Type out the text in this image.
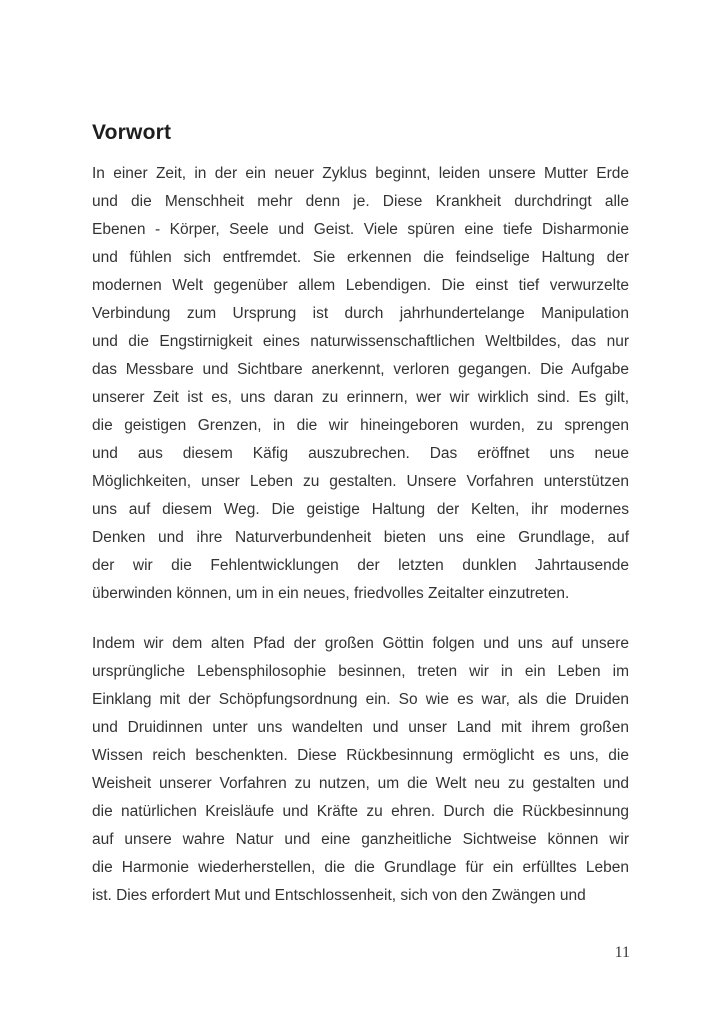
Vorwort
In einer Zeit, in der ein neuer Zyklus beginnt, leiden unsere Mutter Erde
und die Menschheit mehr denn je. Diese Krankheit durchdringt alle
Ebenen - Körper, Seele und Geist. Viele spüren eine tiefe Disharmonie
und fühlen sich entfremdet. Sie erkennen die feindselige Haltung der
modernen Welt gegenüber allem Lebendigen. Die einst tief verwurzelte
Verbindung zum Ursprung ist durch jahrhundertelange Manipulation
und die Engstirnigkeit eines naturwissenschaftlichen Weltbildes, das nur
das Messbare und Sichtbare anerkennt, verloren gegangen. Die Aufgabe
unserer Zeit ist es, uns daran zu erinnern, wer wir wirklich sind. Es gilt,
die geistigen Grenzen, in die wir hineingeboren wurden, zu sprengen
und aus diesem Käfig auszubrechen. Das eröffnet uns neue
Möglichkeiten, unser Leben zu gestalten. Unsere Vorfahren unterstützen
uns auf diesem Weg. Die geistige Haltung der Kelten, ihr modernes
Denken und ihre Naturverbundenheit bieten uns eine Grundlage, auf
der wir die Fehlentwicklungen der letzten dunklen Jahrtausende
überwinden können, um in ein neues, friedvolles Zeitalter einzutreten.
Indem wir dem alten Pfad der großen Göttin folgen und uns auf unsere
ursprüngliche Lebensphilosophie besinnen, treten wir in ein Leben im
Einklang mit der Schöpfungsordnung ein. So wie es war, als die Druiden
und Druidinnen unter uns wandelten und unser Land mit ihrem großen
Wissen reich beschenkten. Diese Rückbesinnung ermöglicht es uns, die
Weisheit unserer Vorfahren zu nutzen, um die Welt neu zu gestalten und
die natürlichen Kreisläufe und Kräfte zu ehren. Durch die Rückbesinnung
auf unsere wahre Natur und eine ganzheitliche Sichtweise können wir
die Harmonie wiederherstellen, die die Grundlage für ein erfülltes Leben
ist. Dies erfordert Mut und Entschlossenheit, sich von den Zwängen und
11
